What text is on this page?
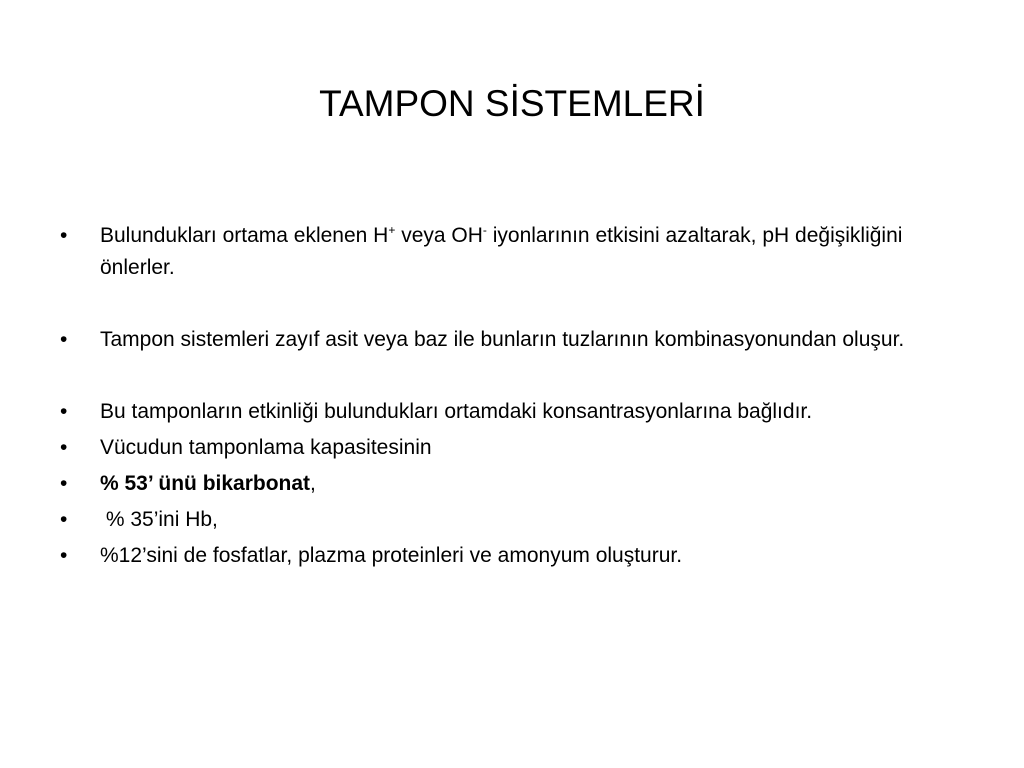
TAMPON SİSTEMLERİ
• Bulundukları ortama eklenen H+ veya OH- iyonlarının etkisini azaltarak, pH değişikliğini önlerler.
• Tampon sistemleri zayıf asit veya baz ile bunların tuzlarının kombinasyonundan oluşur.
• Bu tamponların etkinliği bulundukları ortamdaki konsantrasyonlarına bağlıdır.
• Vücudun tamponlama kapasitesinin
• % 53’ ünü bikarbonat,
• % 35’ini Hb,
• %12’sini de fosfatlar, plazma proteinleri ve amonyum oluşturur.
